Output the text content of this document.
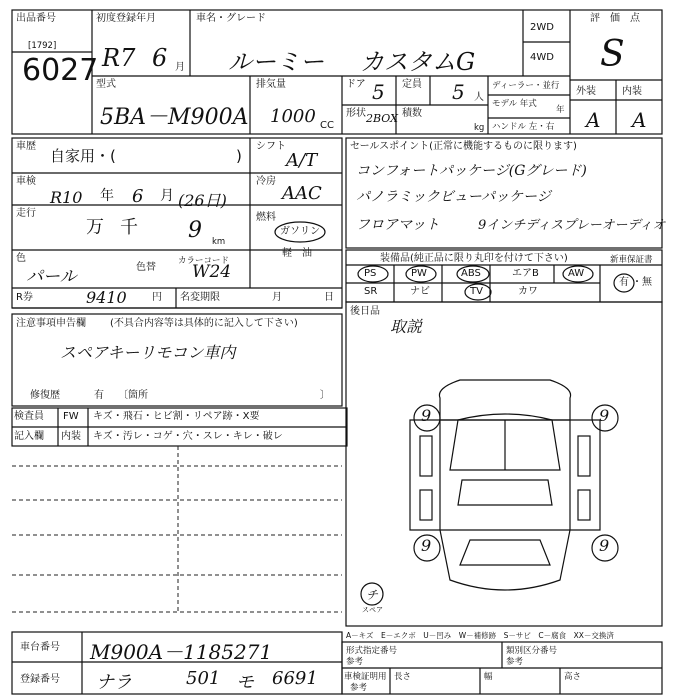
出品番号
[1792]
6027
初度登録年月
R7 6 月
車名・グレード
ルーミー カスタムG
2WD
4WD
評　価　点
S
型式
5BA－M900A
排気量
1000 CC
ドア 5 定員 5 人
ディーラー・並行
モデル 年式
年
ハンドル 左・右
形状 2BOX 積数
kg
外装	内装
A A
車歴
自家用・(	)
シフト
A/T
車検
R10 年 6 月 (26日)
冷房
AAC
走行
万 千 9 km
燃料
ガソリン
軽　油
色
パール	色替
カラーコード
W24
R券	9410	円 名変期限	月	日
セールスポイント(正常に機能するものに限ります)
コンフォートパッケージ(Gグレード)
パノラミックビューパッケージ
フロアマット	9インチディスプレーオーディオ
装備品(純正品に限り丸印を付けて下さい)	新車保証書
PS	PW	ABS	エアB	AW
SR	ナビ	TV	カワ
有 ・ 無
注意事項申告欄 (不具合内容等は具体的に記入して下さい)
スペアキーリモコン車内
修復歴	有 〔箇所	〕
後日品
取説
検査員
記入欄
FW キズ・飛石・ヒビ割・リペア跡・X要
内装 キズ・汚レ・コゲ・穴・スレ・キレ・破レ
9	9
9	9
チ
スペア
A－キズ　E－エクボ　U－凹み　W－補修跡　S－サビ　C－腐食　XX－交換済
車台番号 M900A－1185271
登録番号 ナラ	501 モ 6691
形式指定番号
参考
類別区分番号
参考
車検証明用
参考
長さ	幅	高さ
